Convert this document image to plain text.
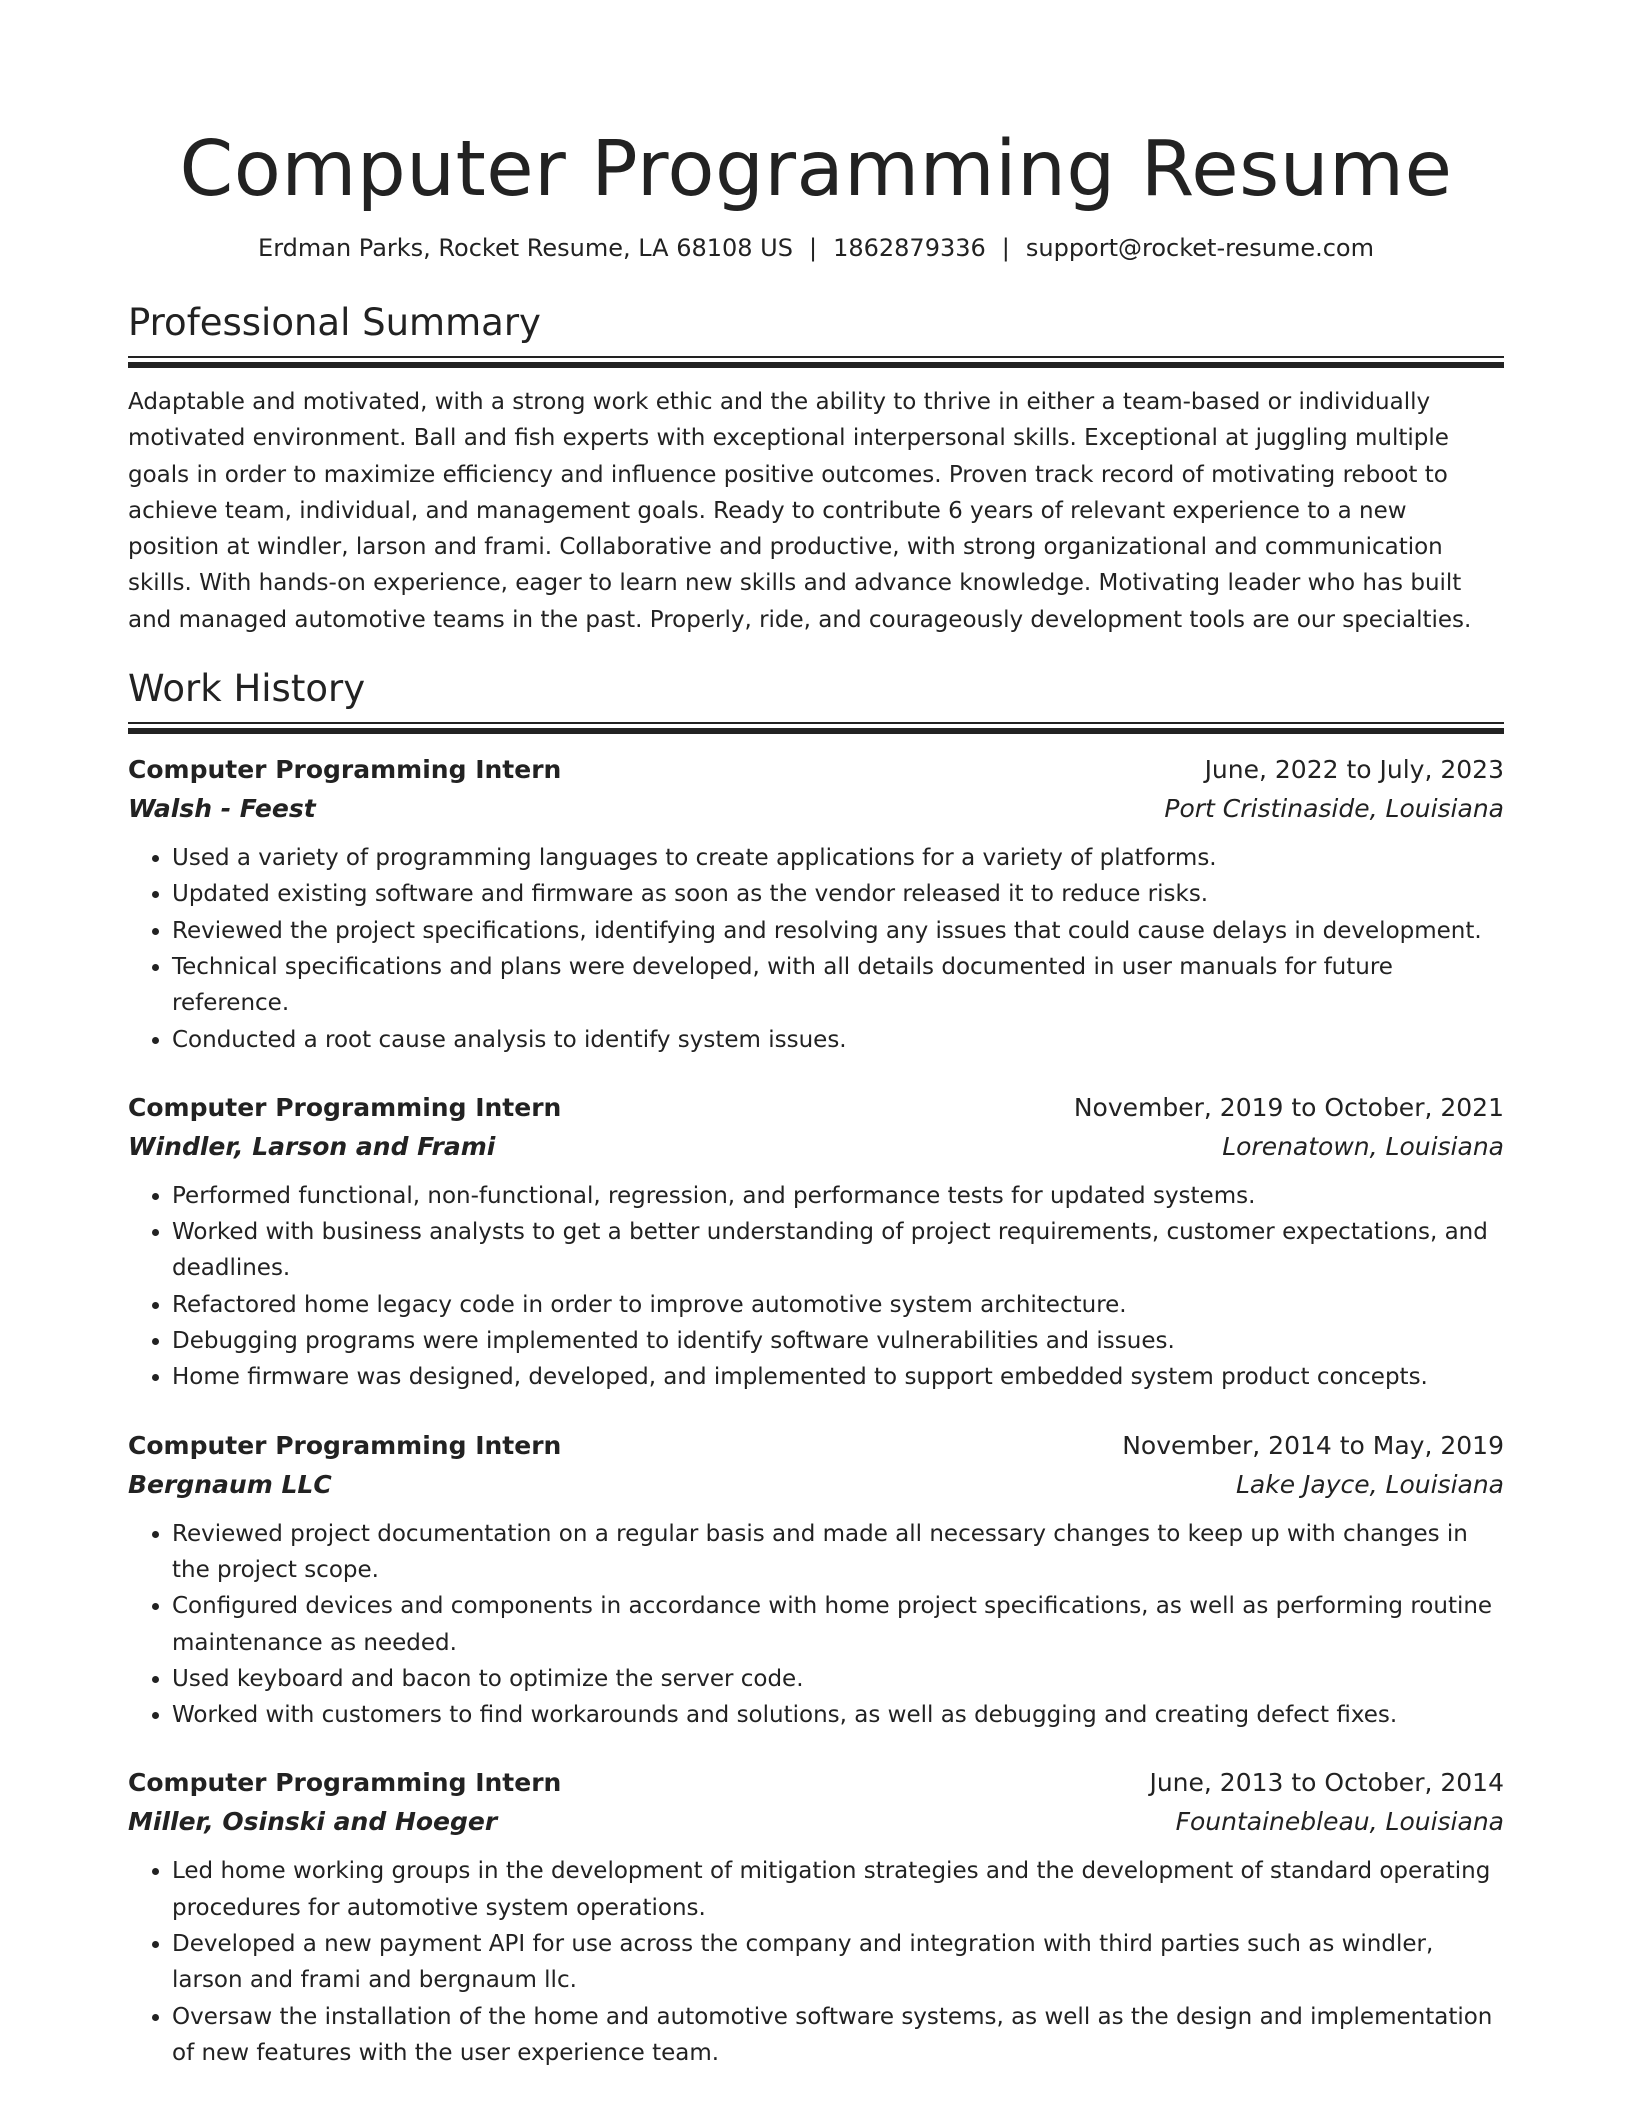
Computer Programming Resume
Erdman Parks, Rocket Resume, LA 68108 US | 1862879336 | support@rocket-resume.com
Professional Summary
Adaptable and motivated, with a strong work ethic and the ability to thrive in either a team-based or individually motivated environment. Ball and fish experts with exceptional interpersonal skills. Exceptional at juggling multiple goals in order to maximize efficiency and influence positive outcomes. Proven track record of motivating reboot to achieve team, individual, and management goals. Ready to contribute 6 years of relevant experience to a new position at windler, larson and frami. Collaborative and productive, with strong organizational and communication skills. With hands-on experience, eager to learn new skills and advance knowledge. Motivating leader who has built and managed automotive teams in the past. Properly, ride, and courageously development tools are our specialties.
Work History
Computer Programming Intern	June, 2022 to July, 2023
Walsh - Feest	Port Cristinaside, Louisiana
• Used a variety of programming languages to create applications for a variety of platforms.
• Updated existing software and firmware as soon as the vendor released it to reduce risks.
• Reviewed the project specifications, identifying and resolving any issues that could cause delays in development.
• Technical specifications and plans were developed, with all details documented in user manuals for future reference.
• Conducted a root cause analysis to identify system issues.
Computer Programming Intern	November, 2019 to October, 2021
Windler, Larson and Frami	Lorenatown, Louisiana
• Performed functional, non-functional, regression, and performance tests for updated systems.
• Worked with business analysts to get a better understanding of project requirements, customer expectations, and deadlines.
• Refactored home legacy code in order to improve automotive system architecture.
• Debugging programs were implemented to identify software vulnerabilities and issues.
• Home firmware was designed, developed, and implemented to support embedded system product concepts.
Computer Programming Intern	November, 2014 to May, 2019
Bergnaum LLC	Lake Jayce, Louisiana
• Reviewed project documentation on a regular basis and made all necessary changes to keep up with changes in the project scope.
• Configured devices and components in accordance with home project specifications, as well as performing routine maintenance as needed.
• Used keyboard and bacon to optimize the server code.
• Worked with customers to find workarounds and solutions, as well as debugging and creating defect fixes.
Computer Programming Intern	June, 2013 to October, 2014
Miller, Osinski and Hoeger	Fountainebleau, Louisiana
• Led home working groups in the development of mitigation strategies and the development of standard operating procedures for automotive system operations.
• Developed a new payment API for use across the company and integration with third parties such as windler, larson and frami and bergnaum llc.
• Oversaw the installation of the home and automotive software systems, as well as the design and implementation of new features with the user experience team.
